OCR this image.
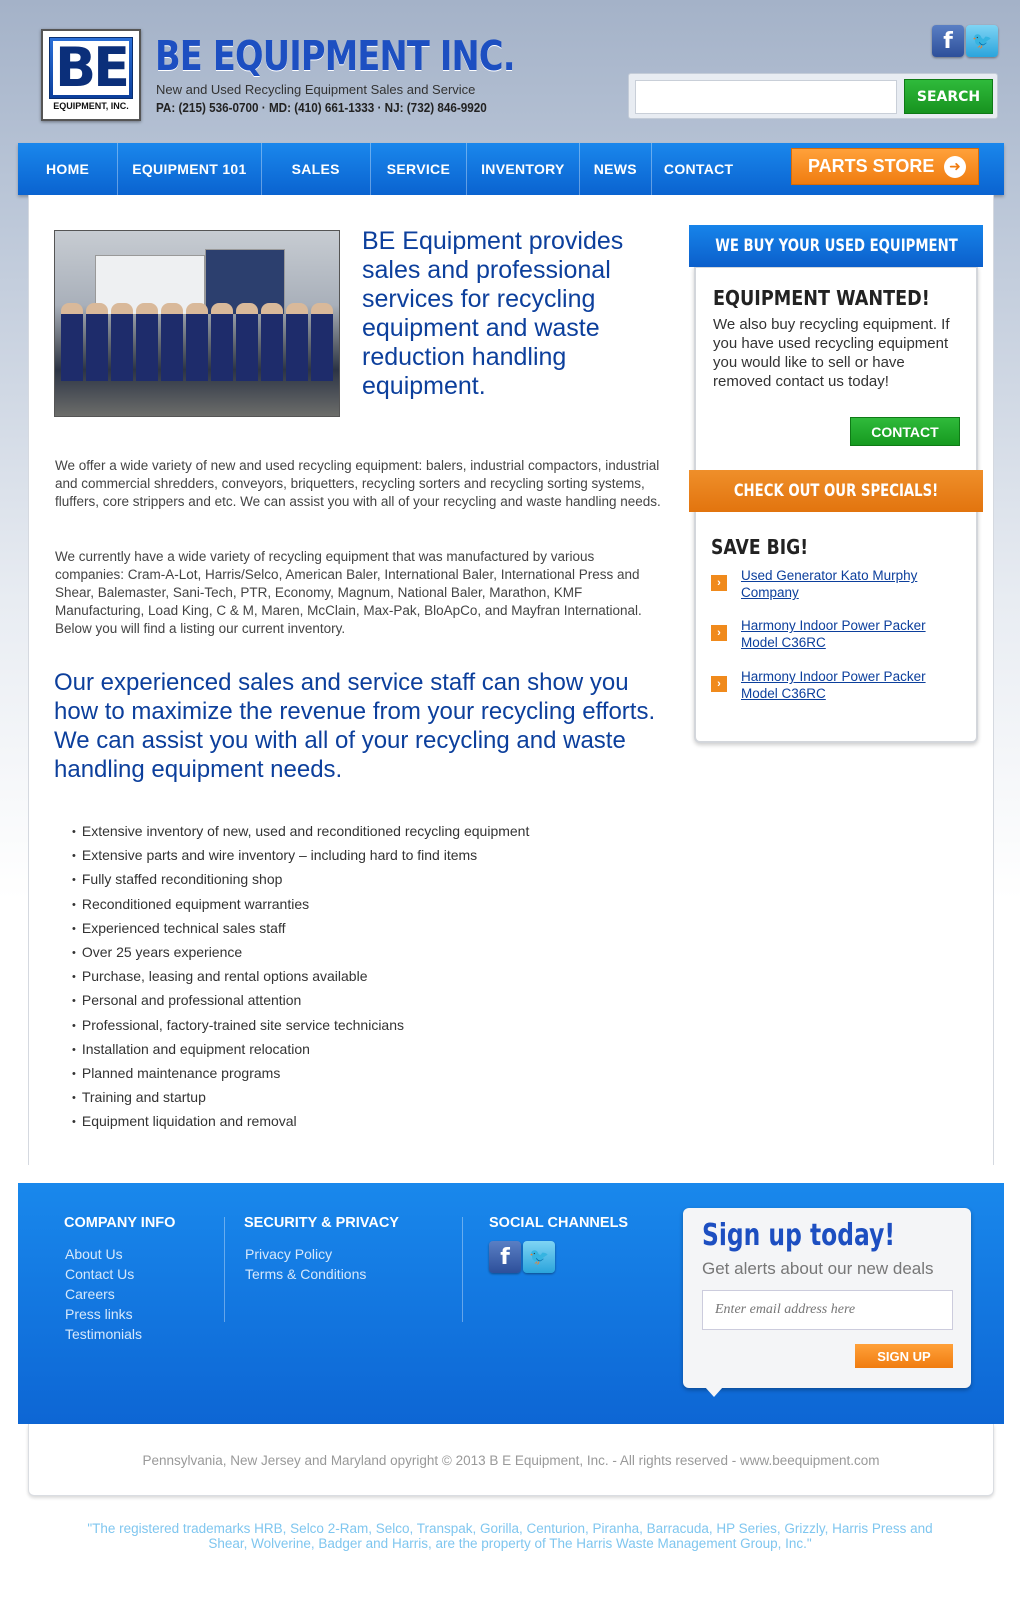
BE
EQUIPMENT, INC.
BE EQUIPMENT INC.
New and Used Recycling Equipment Sales and Service
PA: (215) 536-0700 · MD: (410) 661-1333 · NJ: (732) 846-9920
f	🐦
SEARCH
HOME	EQUIPMENT 101	SALES	SERVICE	INVENTORY	NEWS	CONTACT	PARTS STORE	➜
BE Equipment provides sales and professional services for recycling equipment and waste reduction handling equipment.

We offer a wide variety of new and used recycling equipment: balers, industrial compactors, industrial and commercial shredders, conveyors, briquetters, recycling sorters and recycling sorting systems, fluffers, core strippers and etc. We can assist you with all of your recycling and waste handling needs.

We currently have a wide variety of recycling equipment that was manufactured by various companies: Cram-A-Lot, Harris/Selco, American Baler, International Baler, International Press and Shear, Balemaster, Sani-Tech, PTR, Economy, Magnum, National Baler, Marathon, KMF Manufacturing, Load King, C & M, Maren, McClain, Max-Pak, BloApCo, and Mayfran International. Below you will find a listing our current inventory.

Our experienced sales and service staff can show you how to maximize the revenue from your recycling efforts. We can assist you with all of your recycling and waste handling equipment needs.
• Extensive inventory of new, used and reconditioned recycling equipment
• Extensive parts and wire inventory – including hard to find items
• Fully staffed reconditioning shop
• Reconditioned equipment warranties
• Experienced technical sales staff
• Over 25 years experience
• Purchase, leasing and rental options available
• Personal and professional attention
• Professional, factory-trained site service technicians
• Installation and equipment relocation
• Planned maintenance programs
• Training and startup
• Equipment liquidation and removal
WE BUY YOUR USED EQUIPMENT
EQUIPMENT WANTED!
We also buy recycling equipment. If you have used recycling equipment you would like to sell or have removed contact us today!
CONTACT
CHECK OUT OUR SPECIALS!
SAVE BIG!
›	Used Generator Kato Murphy Company
›	Harmony Indoor Power Packer Model C36RC
›	Harmony Indoor Power Packer Model C36RC
COMPANY INFO
About Us
Contact Us
Careers
Press links
Testimonials
SECURITY & PRIVACY
Privacy Policy
Terms & Conditions
SOCIAL CHANNELS
f	🐦
Sign up today!
Get alerts about our new deals
Enter email address here
SIGN UP
Pennsylvania, New Jersey and Maryland opyright © 2013 B E Equipment, Inc. - All rights reserved - www.beequipment.com
"The registered trademarks HRB, Selco 2-Ram, Selco, Transpak, Gorilla, Centurion, Piranha, Barracuda, HP Series, Grizzly, Harris Press and Shear, Wolverine, Badger and Harris, are the property of The Harris Waste Management Group, Inc."
